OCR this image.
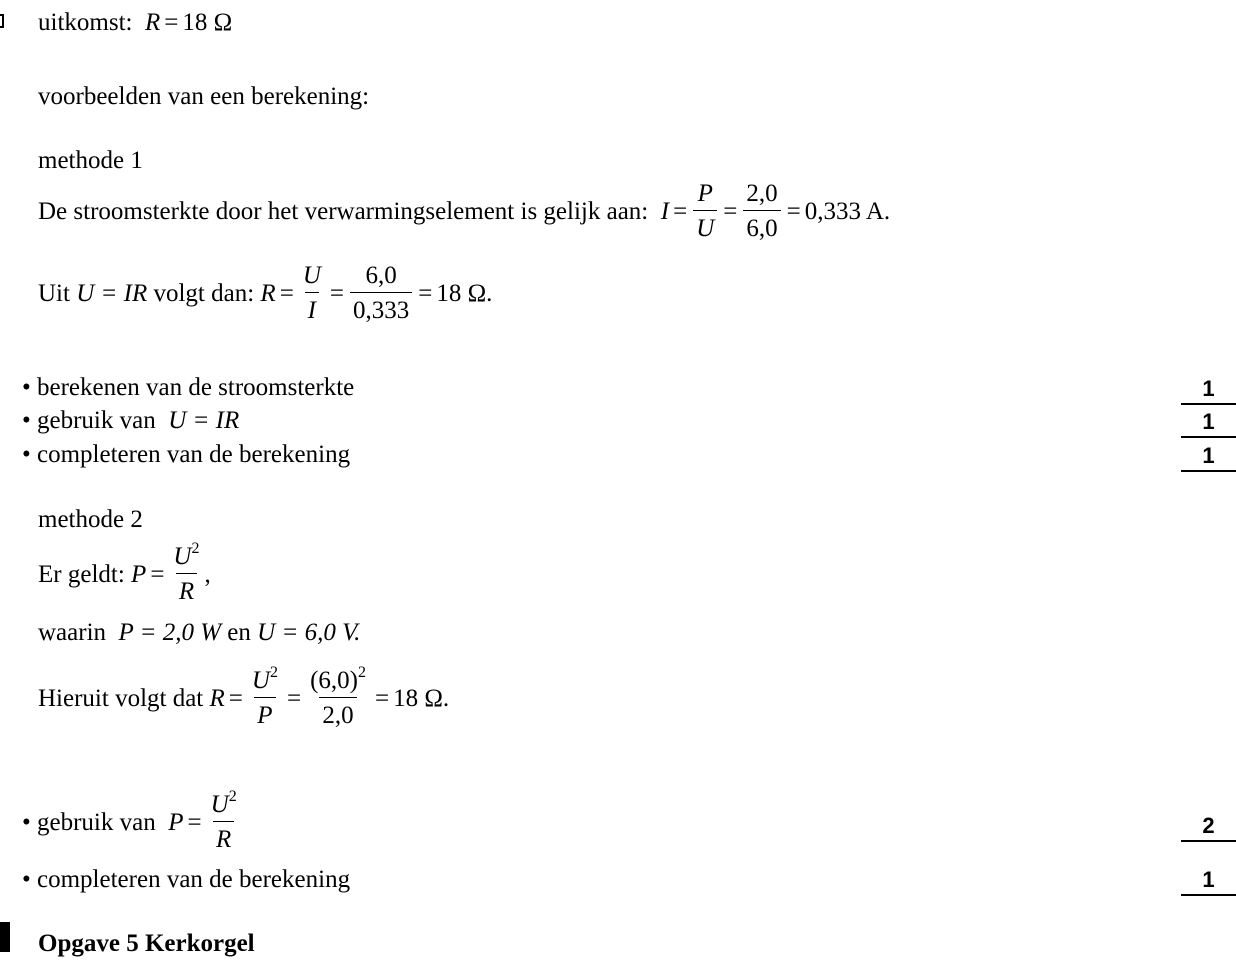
uitkomst: R = 18 Ω
voorbeelden van een berekening:
methode 1
De stroomsterkte door het verwarmingselement is gelijk aan:
$I = \frac{P}{U} = \frac{2,0}{6,0} = 0,333$ A.
Uit
U = IR
volgt dan:
$R = \frac{U}{I} = \frac{6,0}{0,333} = 18$ Ω.
• berekenen van de stroomsterkte	1
• gebruik van U = IR	1
• completeren van de berekening	1
methode 2
Er geldt:
$P = \frac{U^2}{R}$ ,
waarin P = 2,0 W en U = 6,0 V.
Hieruit volgt dat
$R = \frac{U^2}{P} = \frac{(6,0)^2}{2,0} = 18$ Ω.
• gebruik van
$P = \frac{U^2}{R}$	2
• completeren van de berekening	1
Opgave 5 Kerkorgel
